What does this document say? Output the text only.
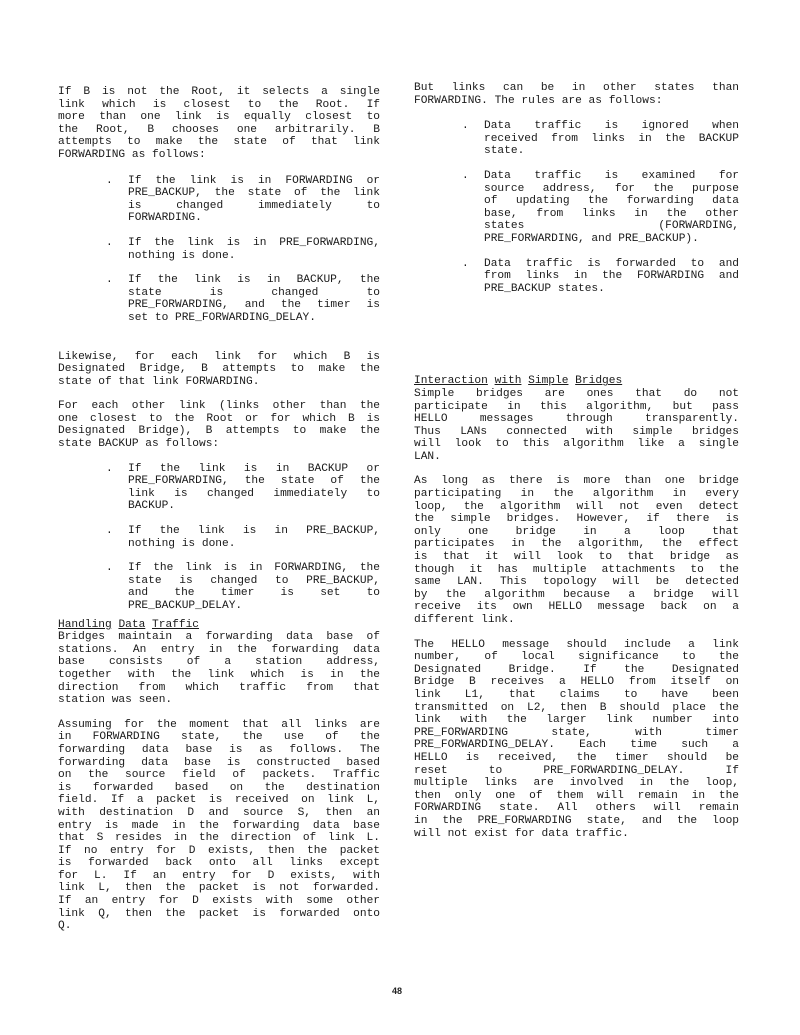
If B is not the Root, it selects a single
link which is closest to the Root. If
more than one link is equally closest to
the Root, B chooses one arbitrarily. B
attempts to make the state of that link
FORWARDING as follows:
. If the link is in FORWARDING or
PRE_BACKUP, the state of the link
is changed immediately to
FORWARDING.
. If the link is in PRE_FORWARDING,
nothing is done.
. If the link is in BACKUP, the
state is changed to
PRE_FORWARDING, and the timer is
set to PRE_FORWARDING_DELAY.
Likewise, for each link for which B is
Designated Bridge, B attempts to make the
state of that link FORWARDING.
For each other link (links other than the
one closest to the Root or for which B is
Designated Bridge), B attempts to make the
state BACKUP as follows:
. If the link is in BACKUP or
PRE_FORWARDING, the state of the
link is changed immediately to
BACKUP.
. If the link is in PRE_BACKUP,
nothing is done.
. If the link is in FORWARDING, the
state is changed to PRE_BACKUP,
and the timer is set to
PRE_BACKUP_DELAY.
Handling Data Traffic
Bridges maintain a forwarding data base of
stations. An entry in the forwarding data
base consists of a station address,
together with the link which is in the
direction from which traffic from that
station was seen.
Assuming for the moment that all links are
in FORWARDING state, the use of the
forwarding data base is as follows. The
forwarding data base is constructed based
on the source field of packets. Traffic
is forwarded based on the destination
field. If a packet is received on link L,
with destination D and source S, then an
entry is made in the forwarding data base
that S resides in the direction of link L.
If no entry for D exists, then the packet
is forwarded back onto all links except
for L. If an entry for D exists, with
link L, then the packet is not forwarded.
If an entry for D exists with some other
link Q, then the packet is forwarded onto
Q.
But links can be in other states than
FORWARDING. The rules are as follows:
. Data traffic is ignored when
received from links in the BACKUP
state.
. Data traffic is examined for
source address, for the purpose
of updating the forwarding data
base, from links in the other
states (FORWARDING,
PRE_FORWARDING, and PRE_BACKUP).
. Data traffic is forwarded to and
from links in the FORWARDING and
PRE_BACKUP states.
Interaction with Simple Bridges
Simple bridges are ones that do not
participate in this algorithm, but pass
HELLO messages through transparently.
Thus LANs connected with simple bridges
will look to this algorithm like a single
LAN.
As long as there is more than one bridge
participating in the algorithm in every
loop, the algorithm will not even detect
the simple bridges. However, if there is
only one bridge in a loop that
participates in the algorithm, the effect
is that it will look to that bridge as
though it has multiple attachments to the
same LAN. This topology will be detected
by the algorithm because a bridge will
receive its own HELLO message back on a
different link.
The HELLO message should include a link
number, of local significance to the
Designated Bridge. If the Designated
Bridge B receives a HELLO from itself on
link L1, that claims to have been
transmitted on L2, then B should place the
link with the larger link number into
PRE_FORWARDING state, with timer
PRE_FORWARDING_DELAY. Each time such a
HELLO is received, the timer should be
reset to PRE_FORWARDING_DELAY. If
multiple links are involved in the loop,
then only one of them will remain in the
FORWARDING state. All others will remain
in the PRE_FORWARDING state, and the loop
will not exist for data traffic.
48
